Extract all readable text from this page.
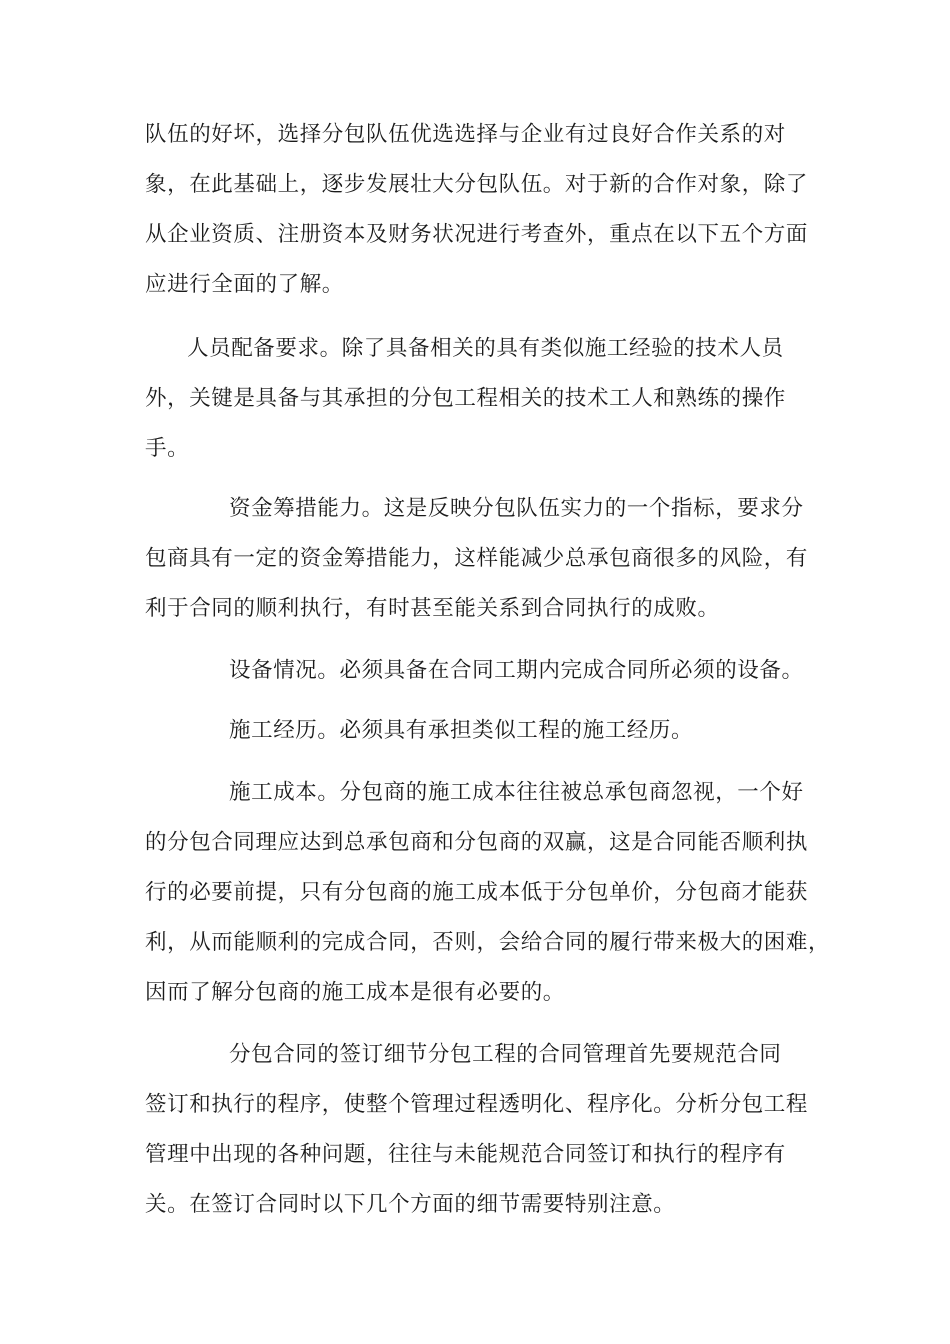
队伍的好坏，选择分包队伍优选选择与企业有过良好合作关系的对
象，在此基础上，逐步发展壮大分包队伍。对于新的合作对象，除了
从企业资质、注册资本及财务状况进行考查外，重点在以下五个方面
应进行全面的了解。
人员配备要求。除了具备相关的具有类似施工经验的技术人员
外，关键是具备与其承担的分包工程相关的技术工人和熟练的操作
手。
资金筹措能力。这是反映分包队伍实力的一个指标，要求分
包商具有一定的资金筹措能力，这样能减少总承包商很多的风险，有
利于合同的顺利执行，有时甚至能关系到合同执行的成败。
设备情况。必须具备在合同工期内完成合同所必须的设备。
施工经历。必须具有承担类似工程的施工经历。
施工成本。分包商的施工成本往往被总承包商忽视，一个好
的分包合同理应达到总承包商和分包商的双赢，这是合同能否顺利执
行的必要前提，只有分包商的施工成本低于分包单价，分包商才能获
利，从而能顺利的完成合同，否则，会给合同的履行带来极大的困难，
因而了解分包商的施工成本是很有必要的。
分包合同的签订细节分包工程的合同管理首先要规范合同
签订和执行的程序，使整个管理过程透明化、程序化。分析分包工程
管理中出现的各种问题，往往与未能规范合同签订和执行的程序有
关。在签订合同时以下几个方面的细节需要特别注意。
